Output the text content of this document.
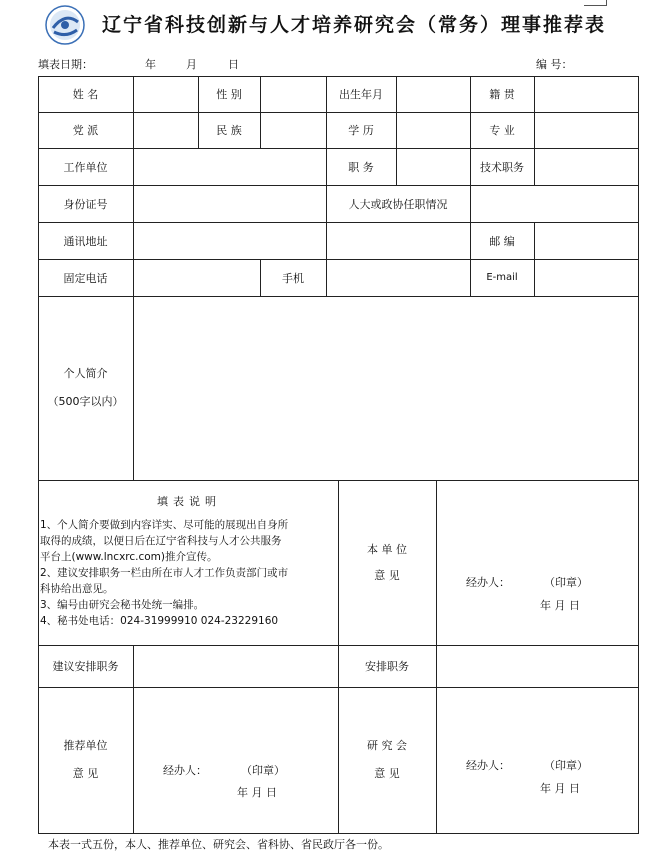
辽宁省科技创新与人才培养研究会（常务）理事推荐表
填表日期：	年	月	日	编 号：
姓 名	性 别	出生年月	籍 贯
党 派	民 族	学 历	专 业
工作单位	职 务	技术职务
身份证号	人大或政协任职情况
通讯地址	邮 编
固定电话	手机	E-mail
个人简介
（500字以内）
填表说明
1、个人简介要做到内容详实、尽可能的展现出自身所
取得的成绩，以便日后在辽宁省科技与人才公共服务
平台上(www.lncxrc.com)推介宣传。
2、建议安排职务一栏由所在市人才工作负责部门或市
科协给出意见。
3、编号由研究会秘书处统一编排。
4、秘书处电话：024-31999910 024-23229160
本 单 位
意 见
经办人：	（印章）
年 月 日
建议安排职务	安排职务
推荐单位
意 见	经办人：	（印章）
年 月 日
研 究 会
意 见
经办人：	（印章）
年 月 日
本表一式五份，本人、推荐单位、研究会、省科协、省民政厅各一份。
